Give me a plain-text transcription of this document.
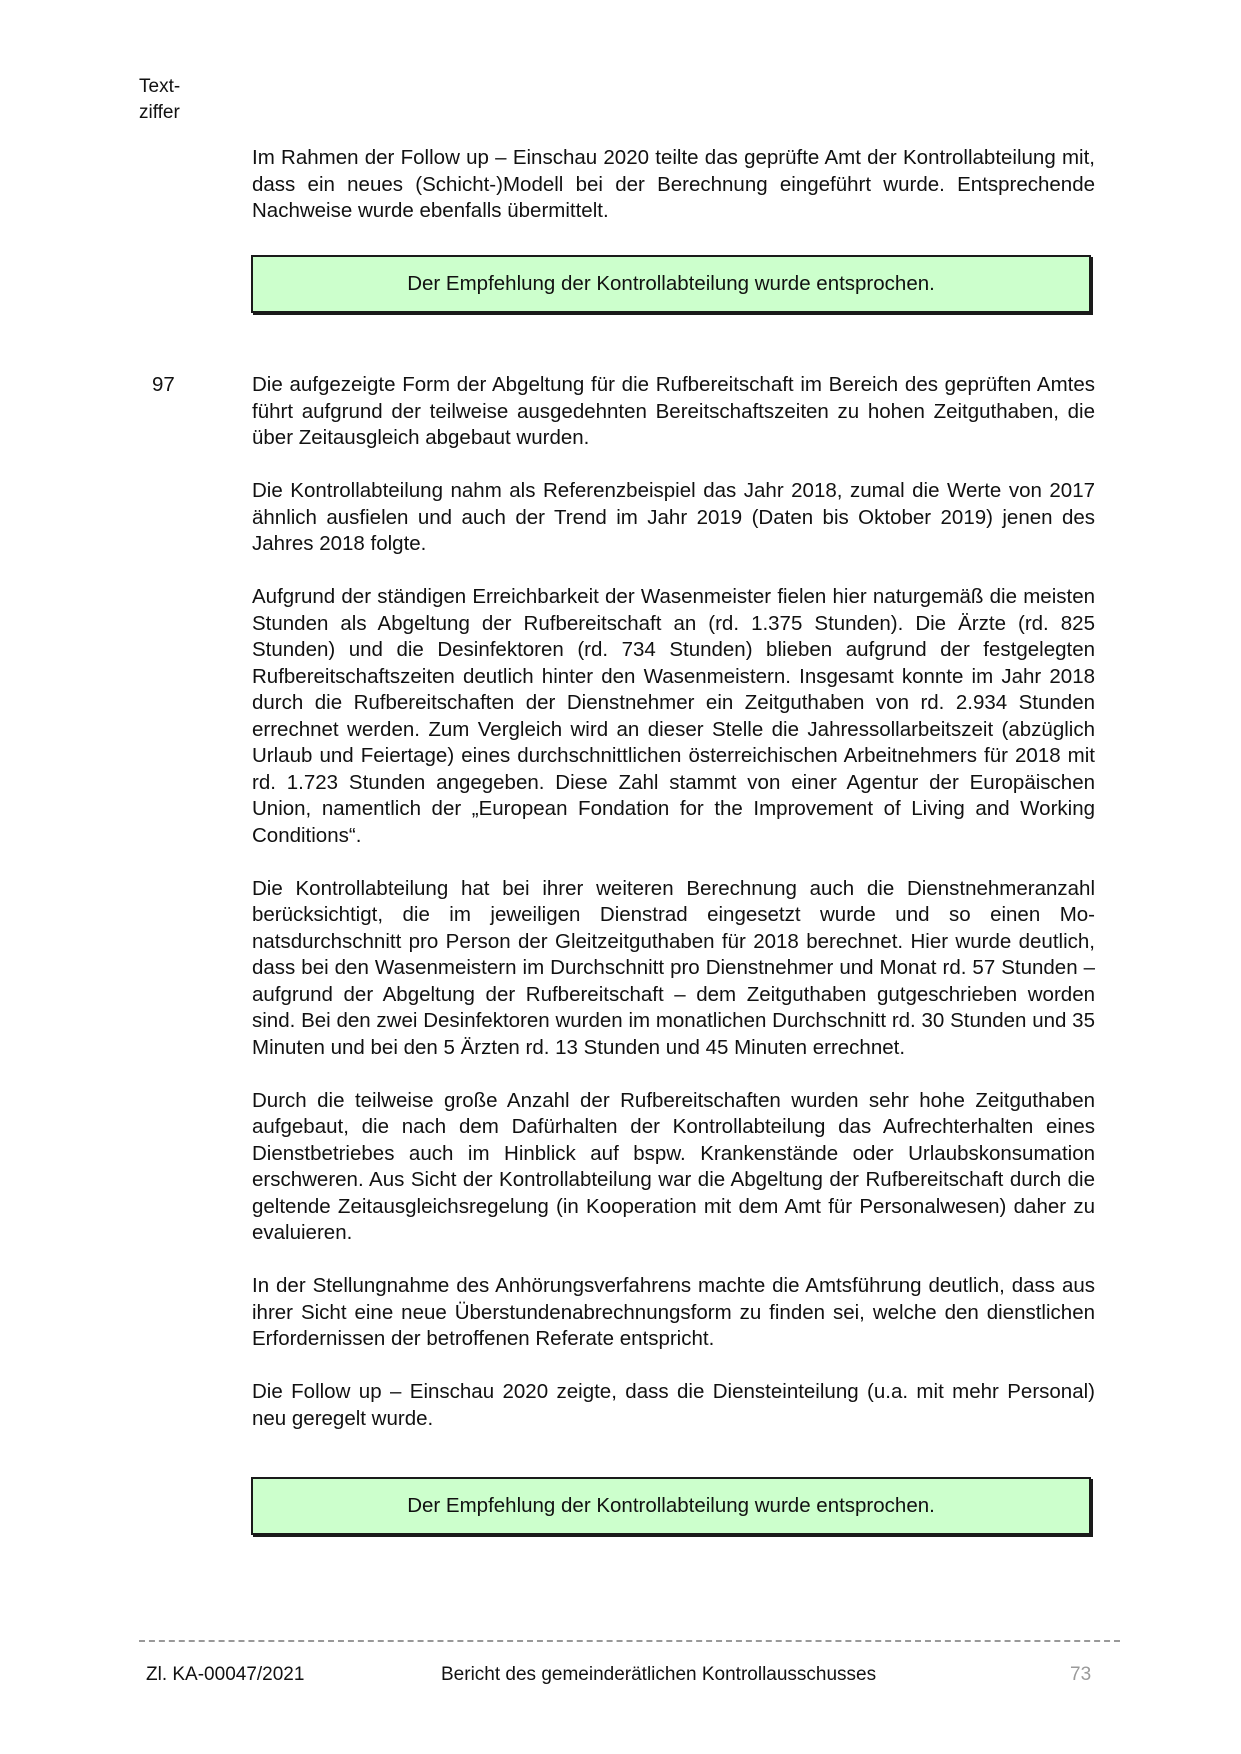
Text-
ziffer

Im Rahmen der Follow up – Einschau 2020 teilte das geprüfte Amt der Kontrollabteilung mit, dass ein neues (Schicht-)Modell bei der Berechnung eingeführt wurde. Entsprechende Nachweise wurde ebenfalls übermittelt.

Der Empfehlung der Kontrollabteilung wurde entsprochen.
97	Die aufgezeigte Form der Abgeltung für die Rufbereitschaft im Bereich des geprüften Amtes führt aufgrund der teilweise ausgedehnten Bereitschaftszeiten zu hohen Zeitguthaben, die über Zeitausgleich abgebaut wurden.

Die Kontrollabteilung nahm als Referenzbeispiel das Jahr 2018, zumal die Werte von 2017 ähnlich ausfielen und auch der Trend im Jahr 2019 (Daten bis Oktober 2019) jenen des Jahres 2018 folgte.

Aufgrund der ständigen Erreichbarkeit der Wasenmeister fielen hier naturgemäß die meisten Stunden als Abgeltung der Rufbereitschaft an (rd. 1.375 Stunden). Die Ärzte (rd. 825 Stunden) und die Desinfektoren (rd. 734 Stunden) blieben aufgrund der festgelegten Rufbereitschaftszeiten deutlich hinter den Wasenmeistern. Insgesamt konnte im Jahr 2018 durch die Rufbereitschaften der Dienstnehmer ein Zeitguthaben von rd. 2.934 Stunden errechnet werden. Zum Vergleich wird an dieser Stelle die Jahressollarbeitszeit (abzüglich Urlaub und Feiertage) eines durchschnittlichen österreichischen Arbeitnehmers für 2018 mit rd. 1.723 Stunden angegeben. Diese Zahl stammt von einer Agentur der Europäischen Union, namentlich der „European Fondation for the Improvement of Living and Working Conditions“.

Die Kontrollabteilung hat bei ihrer weiteren Berechnung auch die Dienstnehmeranzahl berücksichtigt, die im jeweiligen Dienstrad eingesetzt wurde und so einen Monatsdurchschnitt pro Person der Gleitzeitguthaben für 2018 berechnet. Hier wurde deutlich, dass bei den Wasenmeistern im Durchschnitt pro Dienstnehmer und Monat rd. 57 Stunden – aufgrund der Abgeltung der Rufbereitschaft – dem Zeitguthaben gutgeschrieben worden sind. Bei den zwei Desinfektoren wurden im monatlichen Durchschnitt rd. 30 Stunden und 35 Minuten und bei den 5 Ärzten rd. 13 Stunden und 45 Minuten errechnet.

Durch die teilweise große Anzahl der Rufbereitschaften wurden sehr hohe Zeitguthaben aufgebaut, die nach dem Dafürhalten der Kontrollabteilung das Aufrechterhalten eines Dienstbetriebes auch im Hinblick auf bspw. Krankenstände oder Urlaubskonsumation erschweren. Aus Sicht der Kontrollabteilung war die Abgeltung der Rufbereitschaft durch die geltende Zeitausgleichsregelung (in Kooperation mit dem Amt für Personalwesen) daher zu evaluieren.

In der Stellungnahme des Anhörungsverfahrens machte die Amtsführung deutlich, dass aus ihrer Sicht eine neue Überstundenabrechnungsform zu finden sei, welche den dienstlichen Erfordernissen der betroffenen Referate entspricht.

Die Follow up – Einschau 2020 zeigte, dass die Diensteinteilung (u.a. mit mehr Personal) neu geregelt wurde.

Der Empfehlung der Kontrollabteilung wurde entsprochen.
Zl. KA-00047/2021	Bericht des gemeinderätlichen Kontrollausschusses	73
